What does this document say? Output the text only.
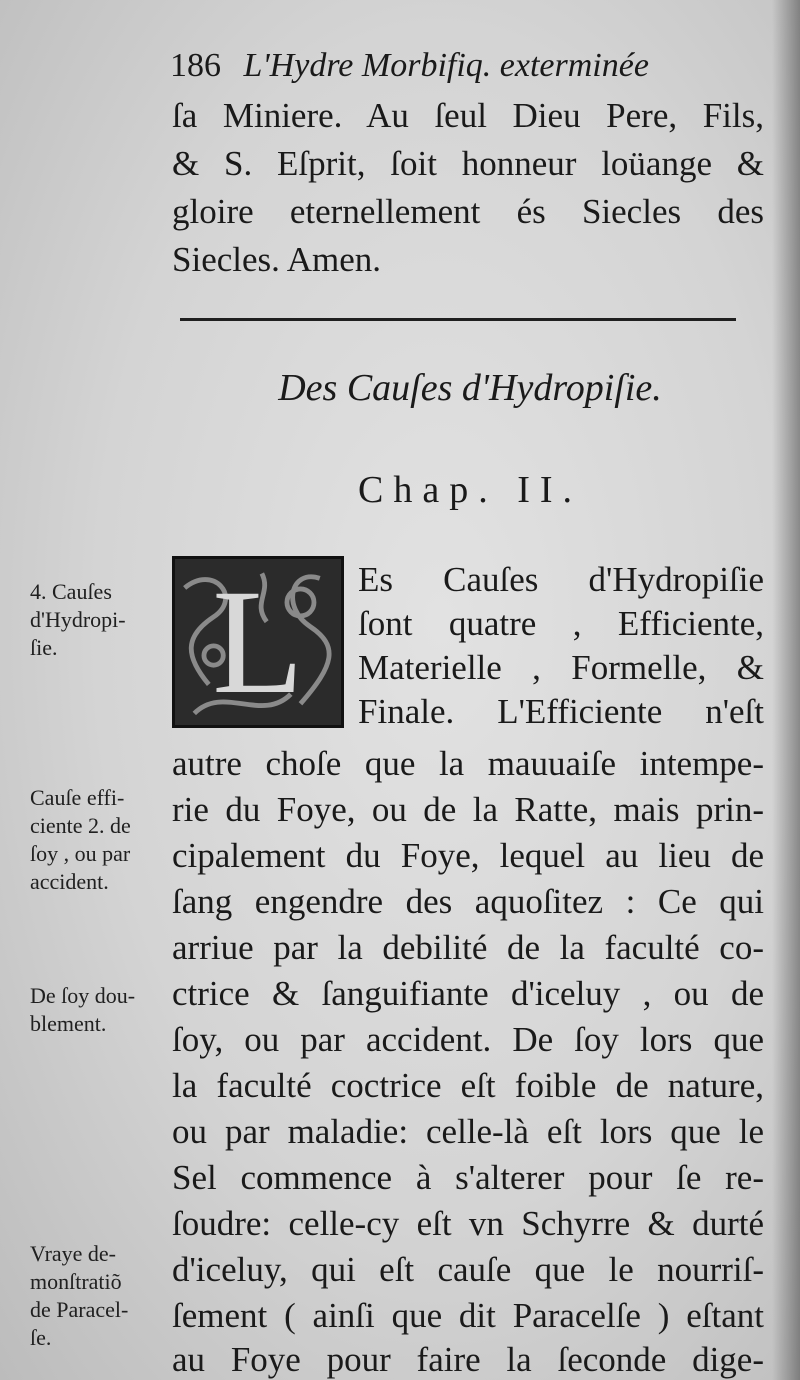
186 L'Hydre Morbifiq. exterminée
ſa Miniere. Au ſeul Dieu Pere, Fils,
& S. Eſprit, ſoit honneur loüange &
gloire eternellement és Siecles des
Siecles. Amen.
Des Cauſes d'Hydropiſie.
Chap. II.
L	Es Cauſes d'Hydropiſie
ſont quatre , Efficiente,
Materielle , Formelle, &
Finale. L'Efficiente n'eſt
autre choſe que la mauuaiſe intempe-
rie du Foye, ou de la Ratte, mais prin-
cipalement du Foye, lequel au lieu de
ſang engendre des aquoſitez : Ce qui
arriue par la debilité de la faculté co-
ctrice & ſanguifiante d'iceluy , ou de
ſoy, ou par accident. De ſoy lors que
la faculté coctrice eſt foible de nature,
ou par maladie: celle-là eſt lors que le
Sel commence à s'alterer pour ſe re-
ſoudre: celle-cy eſt vn Schyrre & durté
d'iceluy, qui eſt cauſe que le nourriſ-
ſement ( ainſi que dit Paracelſe ) eſtant
au Foye pour faire la ſeconde dige-
4. Cauſes
d'Hydropi-
ſie.
Cauſe effi-
ciente 2. de
ſoy , ou par
accident.
De ſoy dou-
blement.
Vraye de-
monſtratiõ
de Paracel-
ſe.
